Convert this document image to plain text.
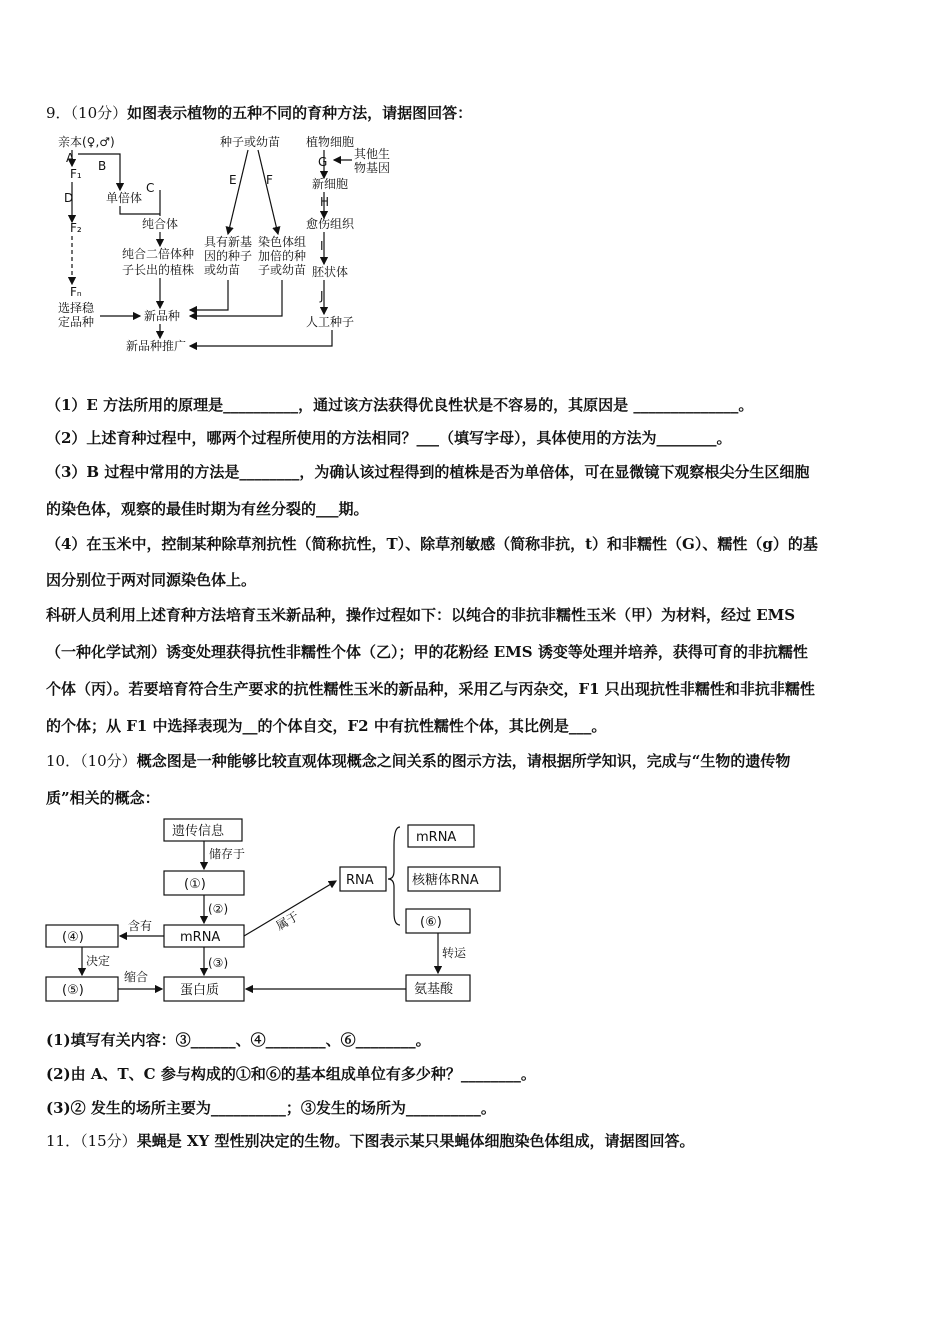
9．（10分）如图表示植物的五种不同的育种方法，请据图回答：
亲本(♀,♂)
A
F₁
B
D
F₂
Fₙ
选择稳
定品种
单倍体
C
纯合体
纯合二倍体种
子长出的植株
新品种
新品种推广
种子或幼苗
E F
具有新基
因的种子
或幼苗
染色体组
加倍的种
子或幼苗
植物细胞
G
其他生
物基因
新细胞
H
愈伤组织
I
胚状体
J
人工种子
（1）E 方法所用的原理是__________，通过该方法获得优良性状是不容易的，其原因是 ______________。
（2）上述育种过程中，哪两个过程所使用的方法相同？___（填写字母），具体使用的方法为________。
（3）B 过程中常用的方法是________，为确认该过程得到的植株是否为单倍体，可在显微镜下观察根尖分生区细胞
的染色体，观察的最佳时期为有丝分裂的___期。
（4）在玉米中，控制某种除草剂抗性（简称抗性，T）、除草剂敏感（简称非抗，t）和非糯性（G）、糯性（g）的基
因分别位于两对同源染色体上。
科研人员利用上述育种方法培育玉米新品种，操作过程如下：以纯合的非抗非糯性玉米（甲）为材料，经过 EMS
（一种化学试剂）诱变处理获得抗性非糯性个体（乙）；甲的花粉经 EMS 诱变等处理并培养，获得可育的非抗糯性
个体（丙）。若要培育符合生产要求的抗性糯性玉米的新品种，采用乙与丙杂交，F1 只出现抗性非糯性和非抗非糯性
的个体；从 F1 中选择表现为__的个体自交，F2 中有抗性糯性个体，其比例是___。
10．（10分）概念图是一种能够比较直观体现概念之间关系的图示方法，请根据所学知识，完成与“生物的遗传物
质”相关的概念：
遗传信息
储存于
(①)
(②)
mRNA
含有
(④)
决定
(⑤)
缩合
(③)
蛋白质
属于
RNA
mRNA
核糖体RNA
(⑥)
转运
氨基酸
(1)填写有关内容：③______、④________、⑥________。
(2)由 A、T、C 参与构成的①和⑥的基本组成单位有多少种？________。
(3)② 发生的场所主要为__________；③发生的场所为__________。
11．（15分）果蝇是 XY 型性别决定的生物。下图表示某只果蝇体细胞染色体组成，请据图回答。
